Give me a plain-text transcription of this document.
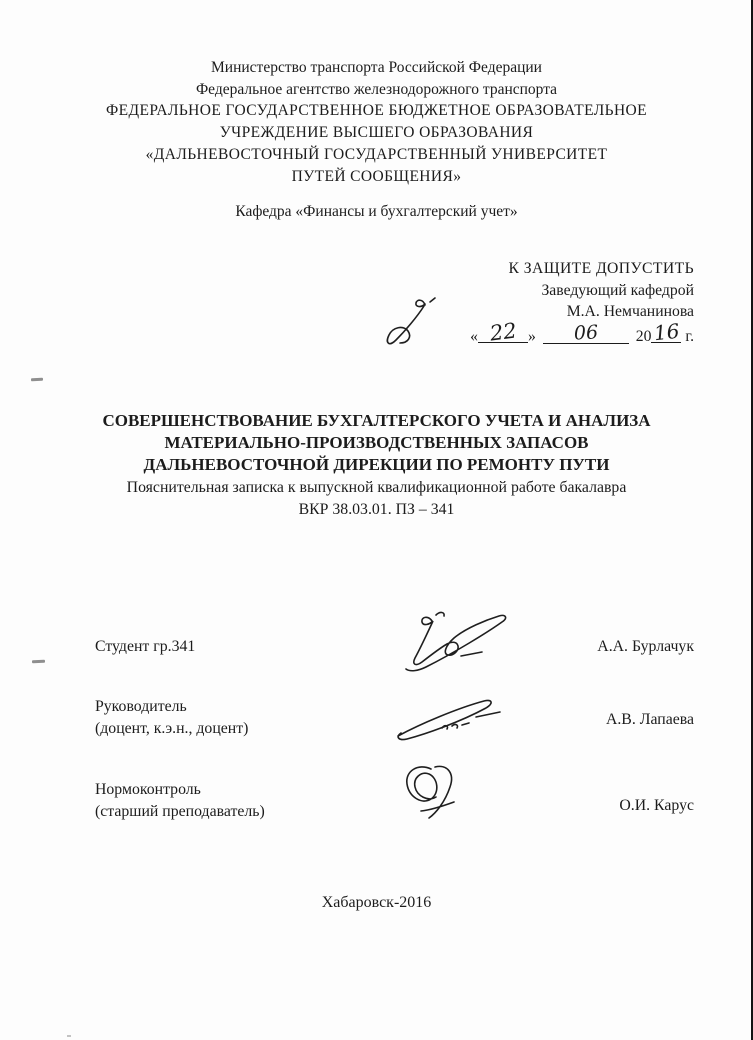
Министерство транспорта Российской Федерации
Федеральное агентство железнодорожного транспорта
ФЕДЕРАЛЬНОЕ ГОСУДАРСТВЕННОЕ БЮДЖЕТНОЕ ОБРАЗОВАТЕЛЬНОЕ
УЧРЕЖДЕНИЕ ВЫСШЕГО ОБРАЗОВАНИЯ
«ДАЛЬНЕВОСТОЧНЫЙ ГОСУДАРСТВЕННЫЙ УНИВЕРСИТЕТ
ПУТЕЙ СООБЩЕНИЯ»
Кафедра «Финансы и бухгалтерский учет»
К ЗАЩИТЕ ДОПУСТИТЬ
Заведующий кафедрой
М.А. Немчанинова
« 22 » 06 2016 г.
СОВЕРШЕНСТВОВАНИЕ БУХГАЛТЕРСКОГО УЧЕТА И АНАЛИЗА
МАТЕРИАЛЬНО-ПРОИЗВОДСТВЕННЫХ ЗАПАСОВ
ДАЛЬНЕВОСТОЧНОЙ ДИРЕКЦИИ ПО РЕМОНТУ ПУТИ
Пояснительная записка к выпускной квалификационной работе бакалавра
ВКР 38.03.01. ПЗ – 341
Студент гр.341	А.А. Бурлачук
Руководитель
(доцент, к.э.н., доцент)
А.В. Лапаева
Нормоконтроль
(старший преподаватель)	О.И. Карус
Хабаровск-2016
